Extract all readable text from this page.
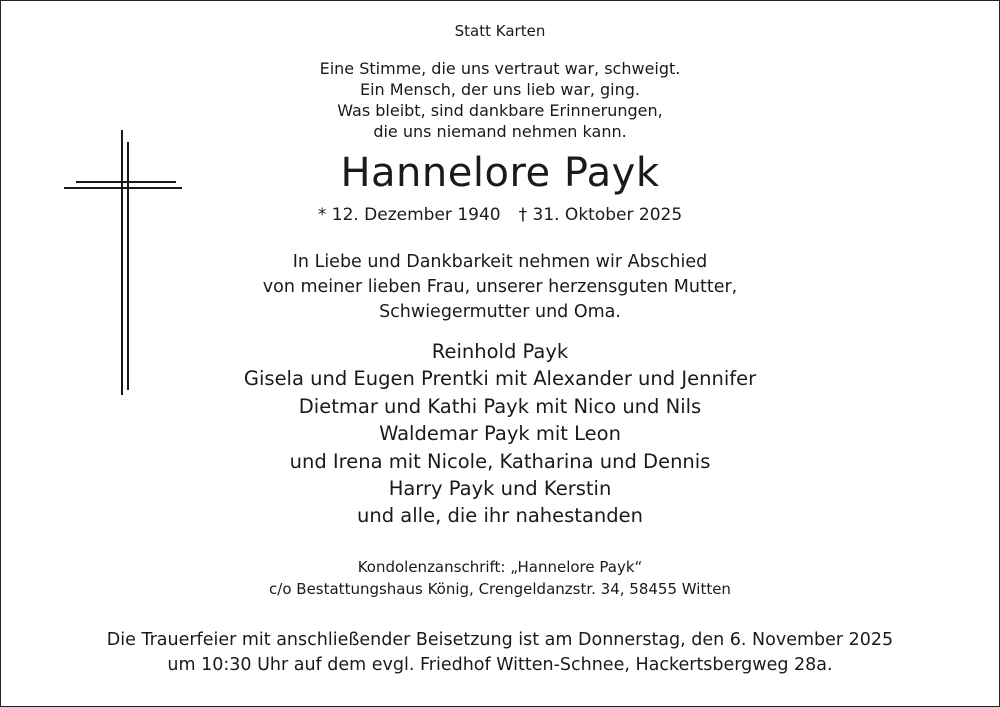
Statt Karten
Eine Stimme, die uns vertraut war, schweigt.
Ein Mensch, der uns lieb war, ging.
Was bleibt, sind dankbare Erinnerungen,
die uns niemand nehmen kann.
Hannelore Payk
* 12. Dezember 1940 † 31. Oktober 2025
In Liebe und Dankbarkeit nehmen wir Abschied
von meiner lieben Frau, unserer herzensguten Mutter,
Schwiegermutter und Oma.
Reinhold Payk
Gisela und Eugen Prentki mit Alexander und Jennifer
Dietmar und Kathi Payk mit Nico und Nils
Waldemar Payk mit Leon
und Irena mit Nicole, Katharina und Dennis
Harry Payk und Kerstin
und alle, die ihr nahestanden
Kondolenzanschrift: „Hannelore Payk“
c/o Bestattungshaus König, Crengeldanzstr. 34, 58455 Witten
Die Trauerfeier mit anschließender Beisetzung ist am Donnerstag, den 6. November 2025
um 10:30 Uhr auf dem evgl. Friedhof Witten-Schnee, Hackertsbergweg 28a.
